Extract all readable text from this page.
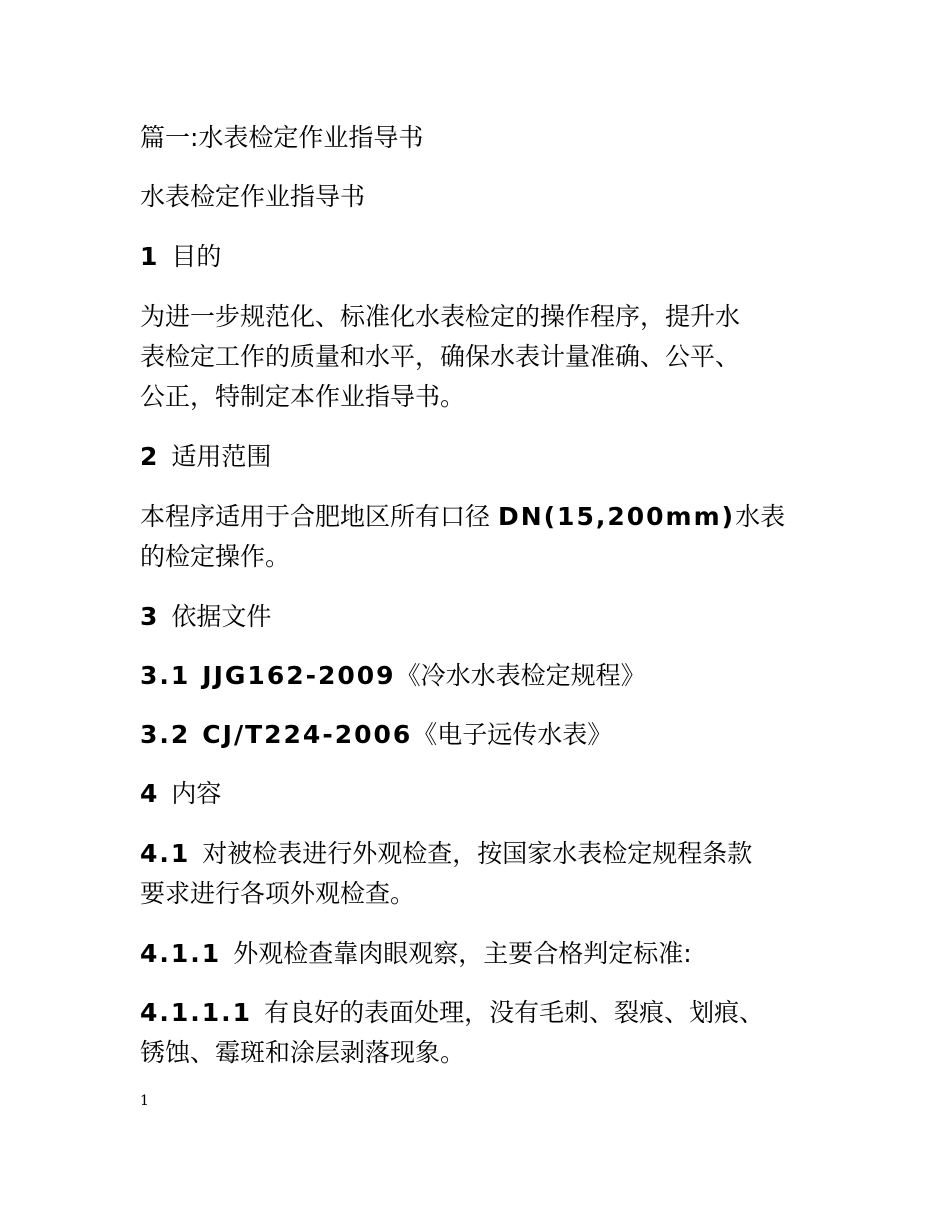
篇一:水表检定作业指导书
水表检定作业指导书
1 目的
为进一步规范化、标准化水表检定的操作程序，提升水
表检定工作的质量和水平，确保水表计量准确、公平、
公正，特制定本作业指导书。
2 适用范围
本程序适用于合肥地区所有口径 DN(15,200mm)水表
的检定操作。
3 依据文件
3.1 JJG162-2009《冷水水表检定规程》
3.2 CJ/T224-2006《电子远传水表》
4 内容
4.1 对被检表进行外观检查，按国家水表检定规程条款
要求进行各项外观检查。
4.1.1 外观检查靠肉眼观察，主要合格判定标准:
4.1.1.1 有良好的表面处理，没有毛刺、裂痕、划痕、
锈蚀、霉斑和涂层剥落现象。
1
